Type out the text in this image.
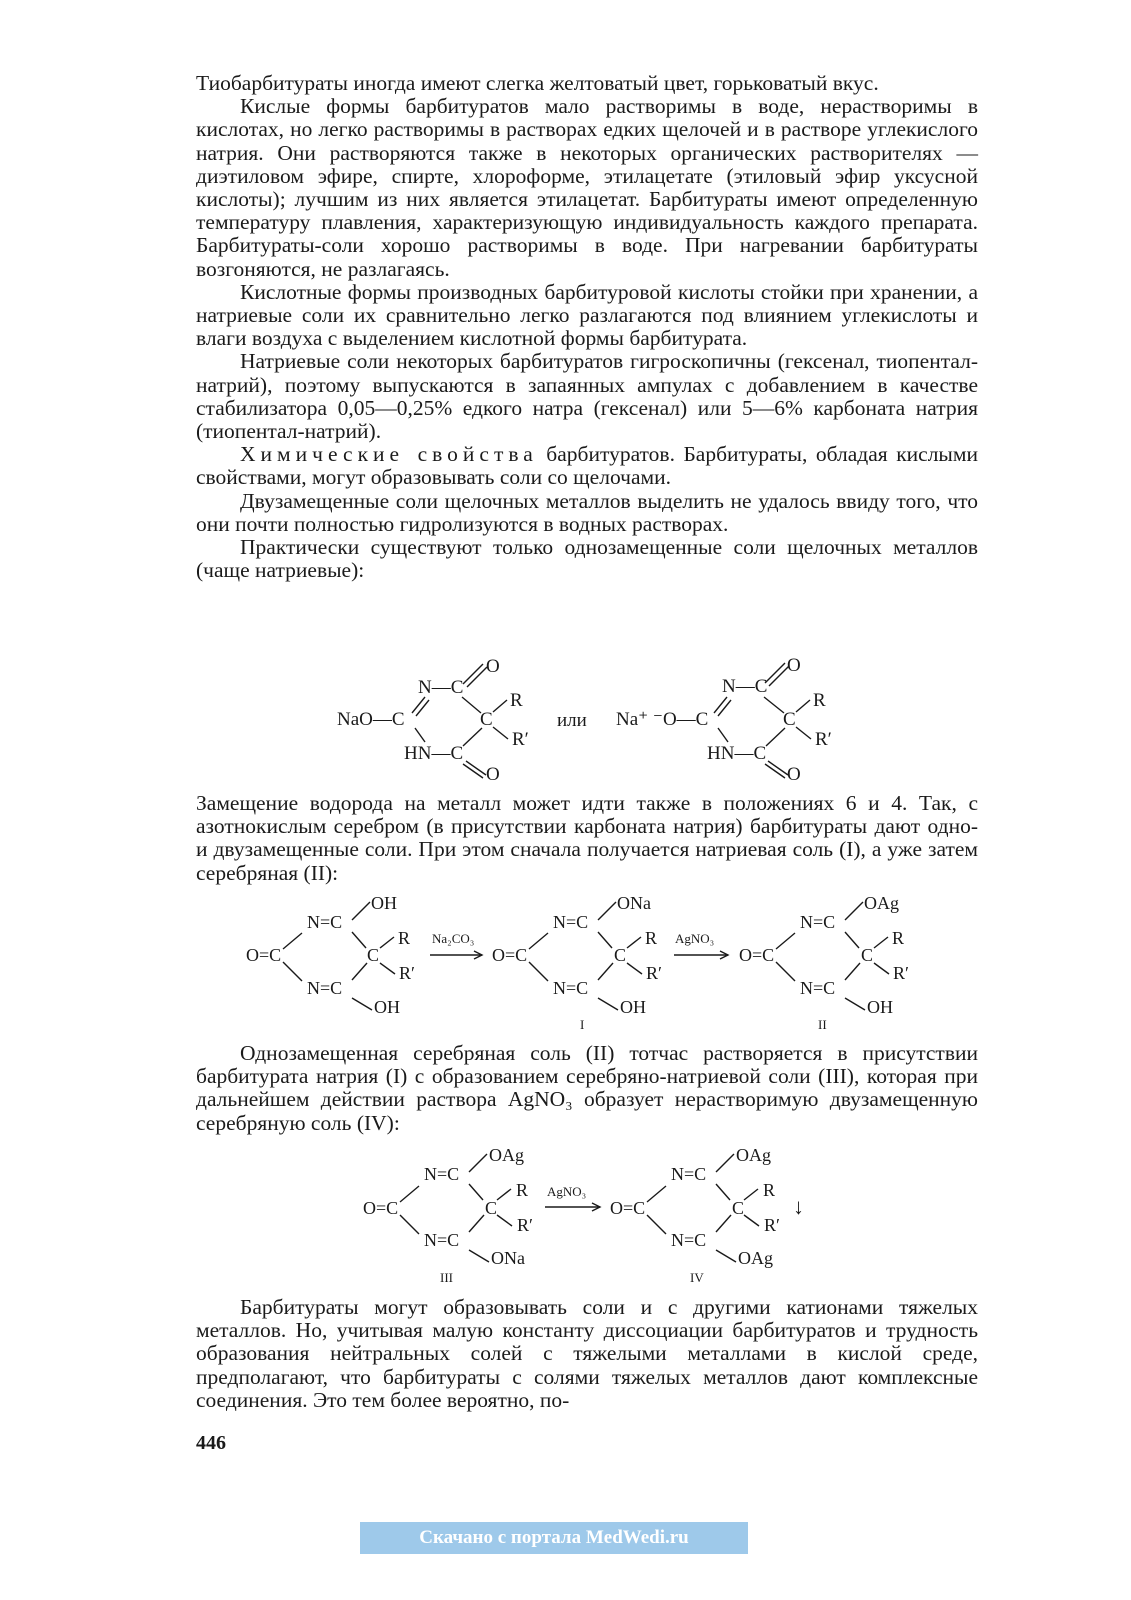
Тиобарбитураты иногда имеют слегка желтоватый цвет, горьковатый вкус.

Кислые формы барбитуратов мало растворимы в воде, нерастворимы в кислотах, но легко растворимы в растворах едких щелочей и в растворе углекислого натрия. Они растворяются также в некоторых органических растворителях — диэтиловом эфире, спирте, хлороформе, этилацетате (этиловый эфир уксусной кислоты); лучшим из них является этилацетат. Барбитураты имеют определенную температуру плавления, характеризующую индивидуальность каждого препарата. Барбитураты-соли хорошо растворимы в воде. При нагревании барбитураты возгоняются, не разлагаясь.

Кислотные формы производных барбитуровой кислоты стойки при хранении, а натриевые соли их сравнительно легко разлагаются под влиянием углекислоты и влаги воздуха с выделением кислотной формы барбитурата.

Натриевые соли некоторых барбитуратов гигроскопичны (гексенал, тиопентал-натрий), поэтому выпускаются в запаянных ампулах с добавлением в качестве стабилизатора 0,05—0,25% едкого натра (гексенал) или 5—6% карбоната натрия (тиопентал-натрий).

Химические свойства барбитуратов. Барбитураты, обладая кислыми свойствами, могут образовывать соли со щелочами.

Двузамещенные соли щелочных металлов выделить не удалось ввиду того, что они почти полностью гидролизуются в водных растворах.

Практически существуют только однозамещенные соли щелочных металлов (чаще натриевые):

NaO—C
N—C
O
R
C
R′
HN—C
O
или Na⁺ ⁻O—C
N—C
O
R
C
R′
HN—C
O

Замещение водорода на металл может идти также в положениях 6 и 4. Так, с азотнокислым серебром (в присутствии карбоната натрия) барбитураты дают одно- и двузамещенные соли. При этом сначала получается натриевая соль (I), а уже затем серебряная (II):

O=C
N=C
OH
R
C
R′
N=C
OH
Na₂CO₃
O=C
N=C
ONa
R
C
R′
N=C
OH
I
AgNO₃
O=C
N=C
OAg
R
C
R′
N=C
OH
II

Однозамещенная серебряная соль (II) тотчас растворяется в присутствии барбитурата натрия (I) с образованием серебряно-натриевой соли (III), которая при дальнейшем действии раствора AgNO₃ образует нерастворимую двузамещенную серебряную соль (IV):

O=C
N=C
OAg
R
C
R′
N=C
ONa
III
AgNO₃
O=C
N=C
OAg
R
C
R′
N=C
OAg
IV
↓

Барбитураты могут образовывать соли и с другими катионами тяжелых металлов. Но, учитывая малую константу диссоциации барбитуратов и трудность образования нейтральных солей с тяжелыми металлами в кислой среде, предполагают, что барбитураты с солями тяжелых металлов дают комплексные соединения. Это тем более вероятно, по-

446
Скачано с портала MedWedi.ru
